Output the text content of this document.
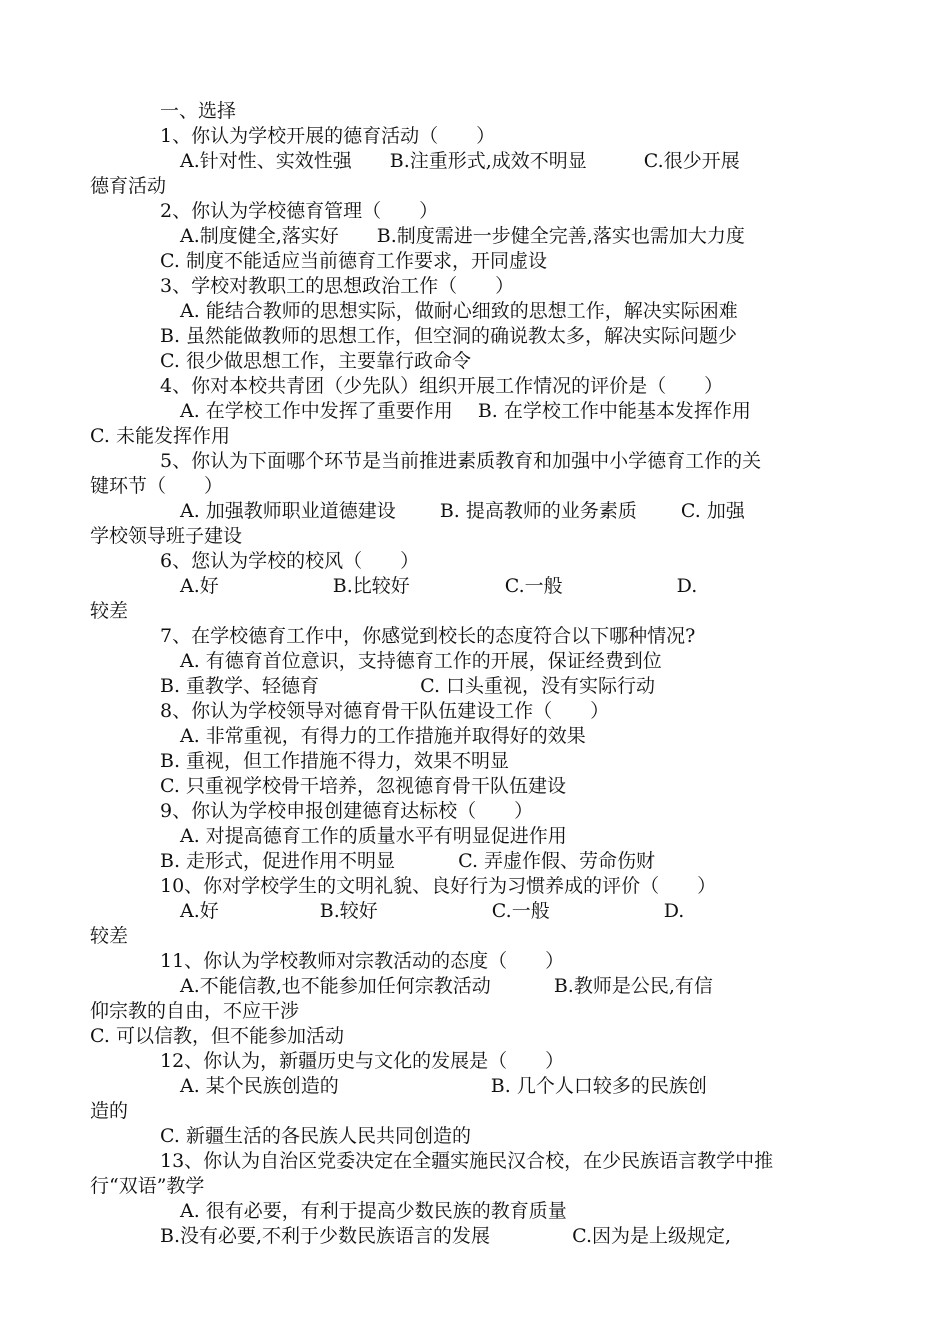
一、选择
1、你认为学校开展的德育活动（　　）
A.针对性、实效性强　　B.注重形式,成效不明显　　　C.很少开展
德育活动
2、你认为学校德育管理（　　）
A.制度健全,落实好　　B.制度需进一步健全完善,落实也需加大力度
C. 制度不能适应当前德育工作要求，开同虚设
3、学校对教职工的思想政治工作（　　）
A. 能结合教师的思想实际，做耐心细致的思想工作，解决实际困难
B. 虽然能做教师的思想工作，但空洞的确说教太多，解决实际问题少
C. 很少做思想工作，主要靠行政命令
4、你对本校共青团（少先队）组织开展工作情况的评价是（　　）
A. 在学校工作中发挥了重要作用　 B. 在学校工作中能基本发挥作用
C. 未能发挥作用
5、你认为下面哪个环节是当前推进素质教育和加强中小学德育工作的关
键环节（　　）
A. 加强教师职业道德建设　　 B. 提高教师的业务素质　　 C. 加强
学校领导班子建设
6、您认为学校的校风（　　）
A.好　　　　　　B.比较好　　　　　C.一般　　　　　　D.
较差
7、在学校德育工作中，你感觉到校长的态度符合以下哪种情况?
A. 有德育首位意识，支持德育工作的开展，保证经费到位
B. 重教学、轻德育　　　　　 C. 口头重视，没有实际行动
8、你认为学校领导对德育骨干队伍建设工作（　　）
A. 非常重视，有得力的工作措施并取得好的效果
B. 重视，但工作措施不得力，效果不明显
C. 只重视学校骨干培养，忽视德育骨干队伍建设
9、你认为学校申报创建德育达标校（　　）
A. 对提高德育工作的质量水平有明显促进作用
B. 走形式，促进作用不明显　　　 C. 弄虚作假、劳命伤财
10、你对学校学生的文明礼貌、良好行为习惯养成的评价（　　）
A.好　　　　　 B.较好　　　　　　C.一般　　　　　　D.
较差
11、你认为学校教师对宗教活动的态度（　　）
A.不能信教,也不能参加任何宗教活动　　　 B.教师是公民,有信
仰宗教的自由，不应干涉
C. 可以信教，但不能参加活动
12、你认为，新疆历史与文化的发展是（　　）
A. 某个民族创造的　　　　　　　　B. 几个人口较多的民族创
造的
C. 新疆生活的各民族人民共同创造的
13、你认为自治区党委决定在全疆实施民汉合校，在少民族语言教学中推
行“双语”教学
A. 很有必要，有利于提高少数民族的教育质量
B.没有必要,不利于少数民族语言的发展　　　　 C.因为是上级规定,
